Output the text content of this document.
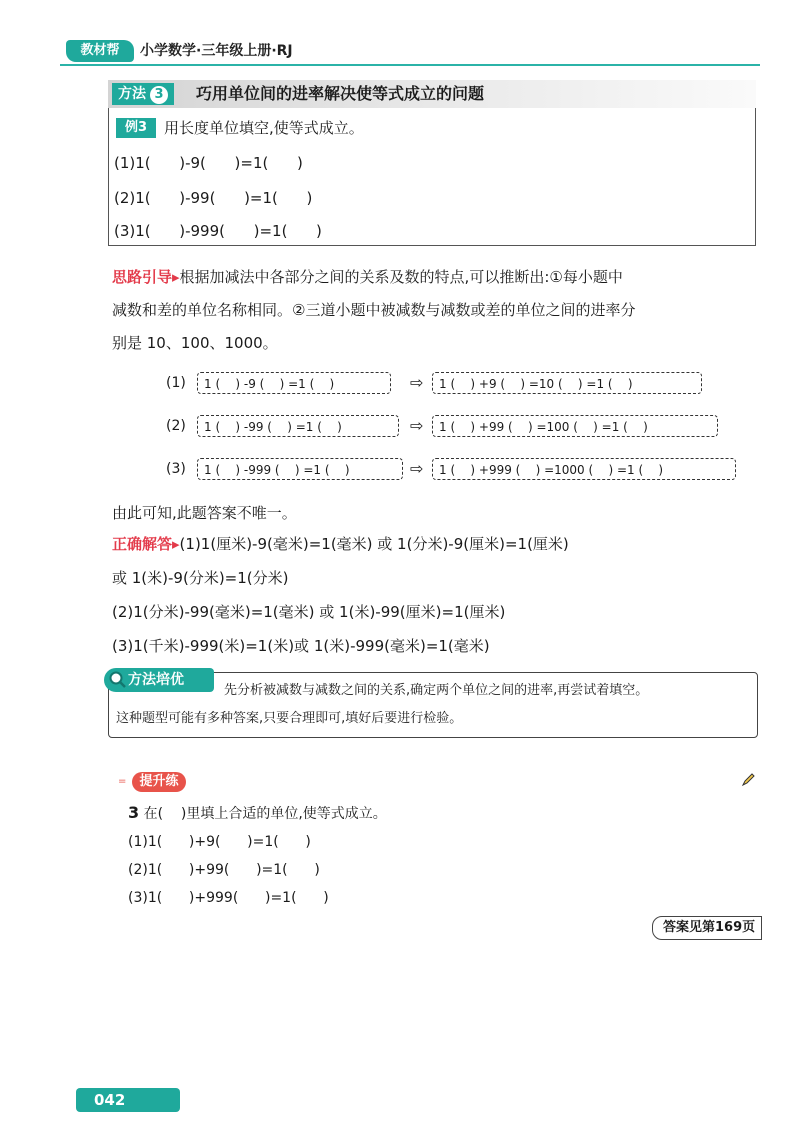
教材帮	小学数学·三年级上册·RJ
方法 3	巧用单位间的进率解决使等式成立的问题
例3	用长度单位填空,使等式成立。
(1)1(      )-9(      )=1(      )
(2)1(      )-99(      )=1(      )
(3)1(      )-999(      )=1(      )
思路引导▸根据加减法中各部分之间的关系及数的特点,可以推断出:①每小题中
减数和差的单位名称相同。②三道小题中被减数与减数或差的单位之间的进率分
别是 10、100、1000。
(1)	1 (    ) -9 (    ) =1 (    )	⇨	1 (    ) +9 (    ) =10 (    ) =1 (    )
(2)	1 (    ) -99 (    ) =1 (    )	⇨	1 (    ) +99 (    ) =100 (    ) =1 (    )
(3)	1 (    ) -999 (    ) =1 (    )	⇨	1 (    ) +999 (    ) =1000 (    ) =1 (    )
由此可知,此题答案不唯一。
正确解答▸(1)1(厘米)-9(毫米)=1(毫米) 或 1(分米)-9(厘米)=1(厘米)
或 1(米)-9(分米)=1(分米)
(2)1(分米)-99(毫米)=1(毫米) 或 1(米)-99(厘米)=1(厘米)
(3)1(千米)-999(米)=1(米)或 1(米)-999(毫米)=1(毫米)
方法培优
先分析被减数与减数之间的关系,确定两个单位之间的进率,再尝试着填空。
这种题型可能有多种答案,只要合理即可,填好后要进行检验。
=	提升练
3 在(    )里填上合适的单位,使等式成立。
(1)1(      )+9(      )=1(      )
(2)1(      )+99(      )=1(      )
(3)1(      )+999(      )=1(      )
答案见第169页
042
